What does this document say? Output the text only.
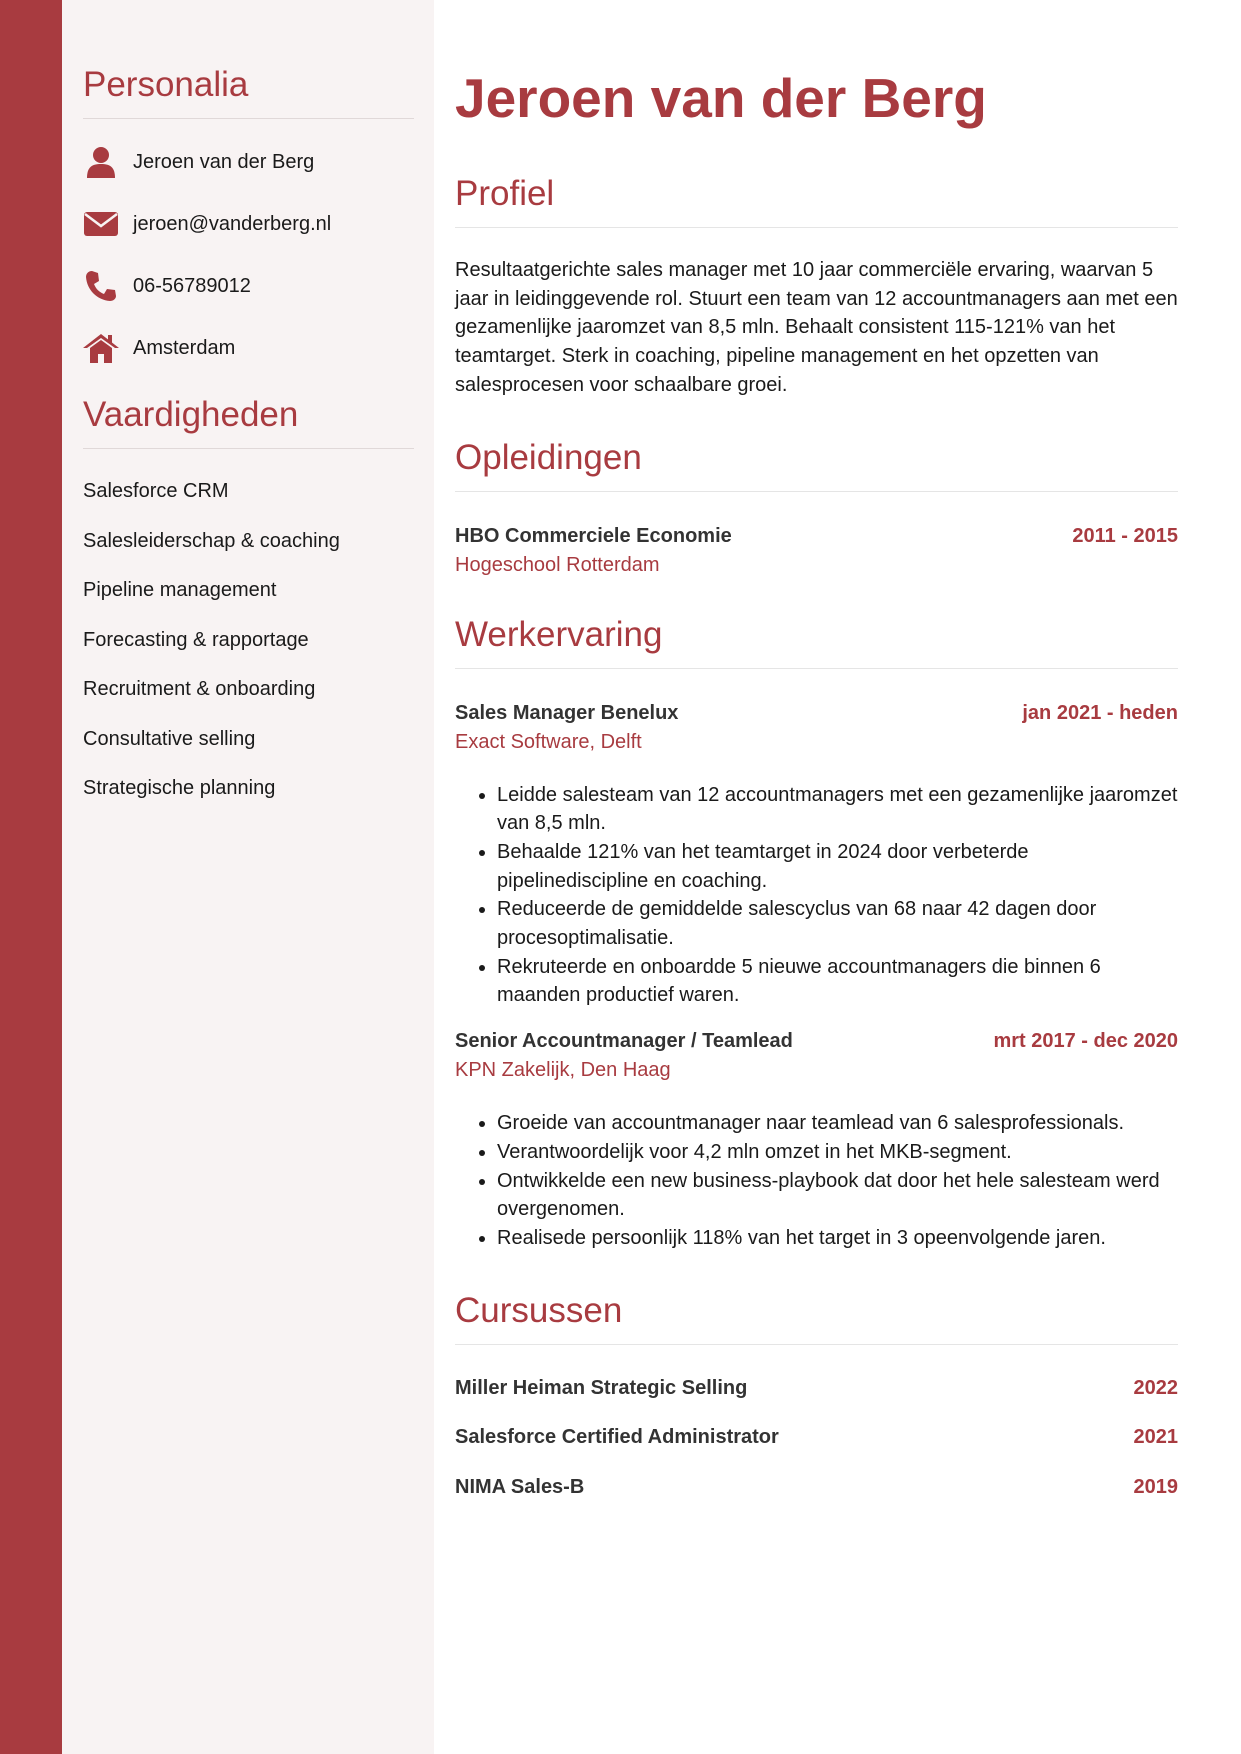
Personalia
Jeroen van der Berg
jeroen@vanderberg.nl
06-56789012
Amsterdam
Vaardigheden
Salesforce CRM
Salesleiderschap & coaching
Pipeline management
Forecasting & rapportage
Recruitment & onboarding
Consultative selling
Strategische planning
Jeroen van der Berg
Profiel

Resultaatgerichte sales manager met 10 jaar commerciële ervaring, waarvan 5 jaar in leidinggevende rol. Stuurt een team van 12 accountmanagers aan met een gezamenlijke jaaromzet van 8,5 mln. Behaalt consistent 115-121% van het teamtarget. Sterk in coaching, pipeline management en het opzetten van salesprocesen voor schaalbare groei.

Opleidingen
HBO Commerciele Economie	2011 - 2015
Hogeschool Rotterdam
Werkervaring
Sales Manager Benelux	jan 2021 - heden
Exact Software, Delft
• Leidde salesteam van 12 accountmanagers met een gezamenlijke jaaromzet van 8,5 mln.
• Behaalde 121% van het teamtarget in 2024 door verbeterde pipelinediscipline en coaching.
• Reduceerde de gemiddelde salescyclus van 68 naar 42 dagen door procesoptimalisatie.
• Rekruteerde en onboardde 5 nieuwe accountmanagers die binnen 6 maanden productief waren.
Senior Accountmanager / Teamlead	mrt 2017 - dec 2020
KPN Zakelijk, Den Haag
• Groeide van accountmanager naar teamlead van 6 salesprofessionals.
• Verantwoordelijk voor 4,2 mln omzet in het MKB-segment.
• Ontwikkelde een new business-playbook dat door het hele salesteam werd overgenomen.
• Realisede persoonlijk 118% van het target in 3 opeenvolgende jaren.
Cursussen
Miller Heiman Strategic Selling	2022
Salesforce Certified Administrator	2021
NIMA Sales-B	2019
